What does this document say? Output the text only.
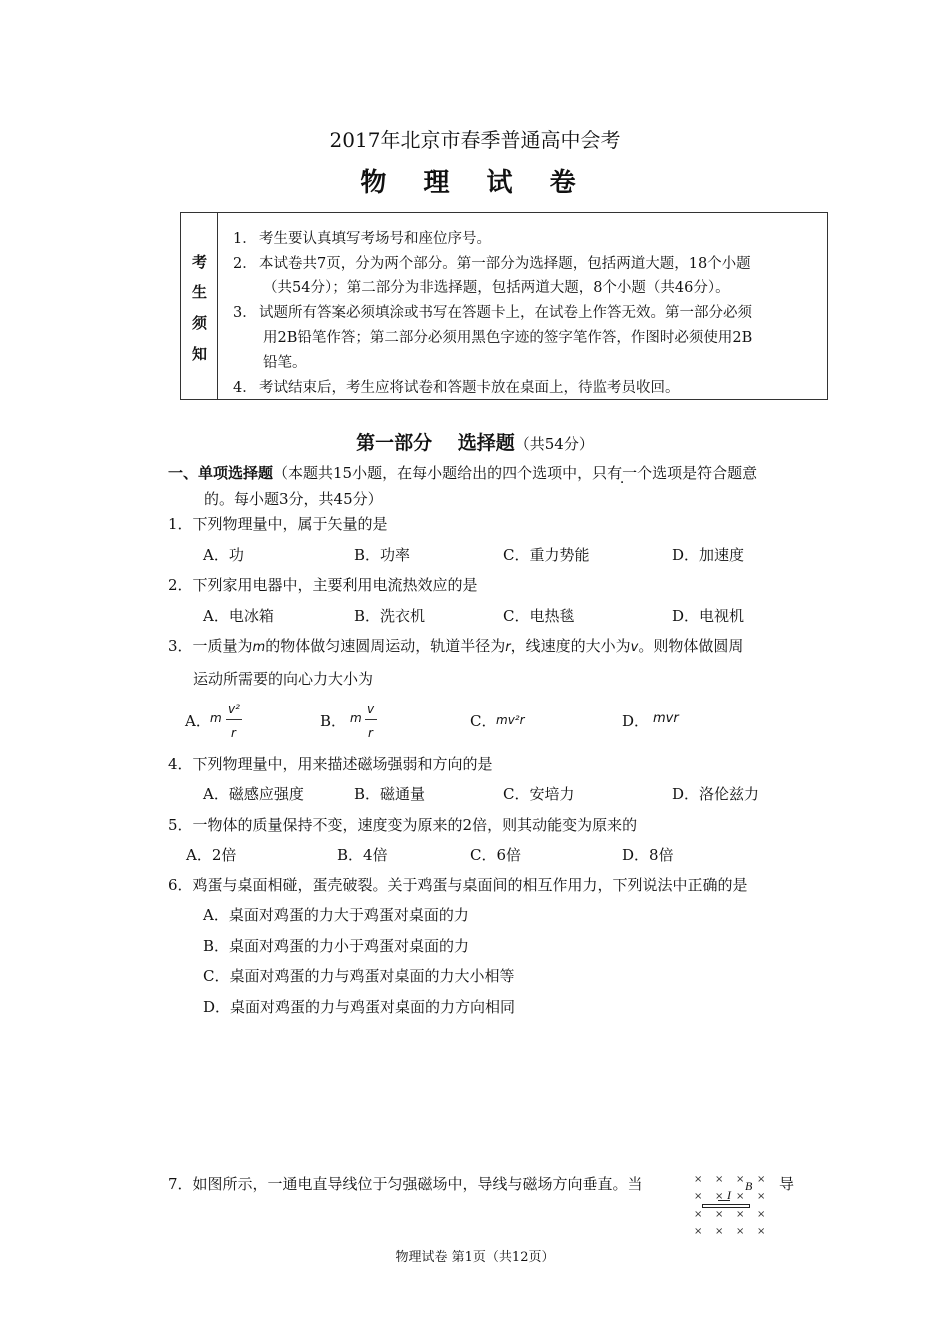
2017年北京市春季普通高中会考
物 理 试 卷
考
生
须
知
1． 考生要认真填写考场号和座位序号。
2． 本试卷共7页，分为两个部分。第一部分为选择题，包括两道大题，18个小题
（共54分）；第二部分为非选择题，包括两道大题，8个小题（共46分）。
3． 试题所有答案必须填涂或书写在答题卡上，在试卷上作答无效。第一部分必须
用2B铅笔作答；第二部分必须用黑色字迹的签字笔作答，作图时必须使用2B
铅笔。
4． 考试结束后，考生应将试卷和答题卡放在桌面上，待监考员收回。
第一部分　 选择题（共54分）
一、单项选择题（本题共15小题，在每小题给出的四个选项中，只有一个选项是符合题意
的。每小题3分，共45分）
1．下列物理量中，属于矢量的是
A．功	B．功率	C．重力势能	D．加速度
2．下列家用电器中，主要利用电流热效应的是
A．电冰箱	B．洗衣机	C．电热毯	D．电视机
3．一质量为m的物体做匀速圆周运动，轨道半径为r，线速度的大小为v。则物体做圆周
运动所需要的向心力大小为
A． m
v²
r
B． m
v
r
C． mv²r	D． mvr
4．下列物理量中，用来描述磁场强弱和方向的是
A．磁感应强度	B．磁通量	C．安培力	D．洛伦兹力
5．一物体的质量保持不变，速度变为原来的2倍，则其动能变为原来的
A．2倍	B．4倍	C．6倍	D．8倍
6．鸡蛋与桌面相碰，蛋壳破裂。关于鸡蛋与桌面间的相互作用力，下列说法中正确的是
A．桌面对鸡蛋的力大于鸡蛋对桌面的力
B．桌面对鸡蛋的力小于鸡蛋对桌面的力
C．桌面对鸡蛋的力与鸡蛋对桌面的力大小相等
D．桌面对鸡蛋的力与鸡蛋对桌面的力方向相同
7．如图所示，一通电直导线位于匀强磁场中，导线与磁场方向垂直。当	导
× × × ×
B
× × I × ×
× × × ×
× × × ×
物理试卷 第1页（共12页）
